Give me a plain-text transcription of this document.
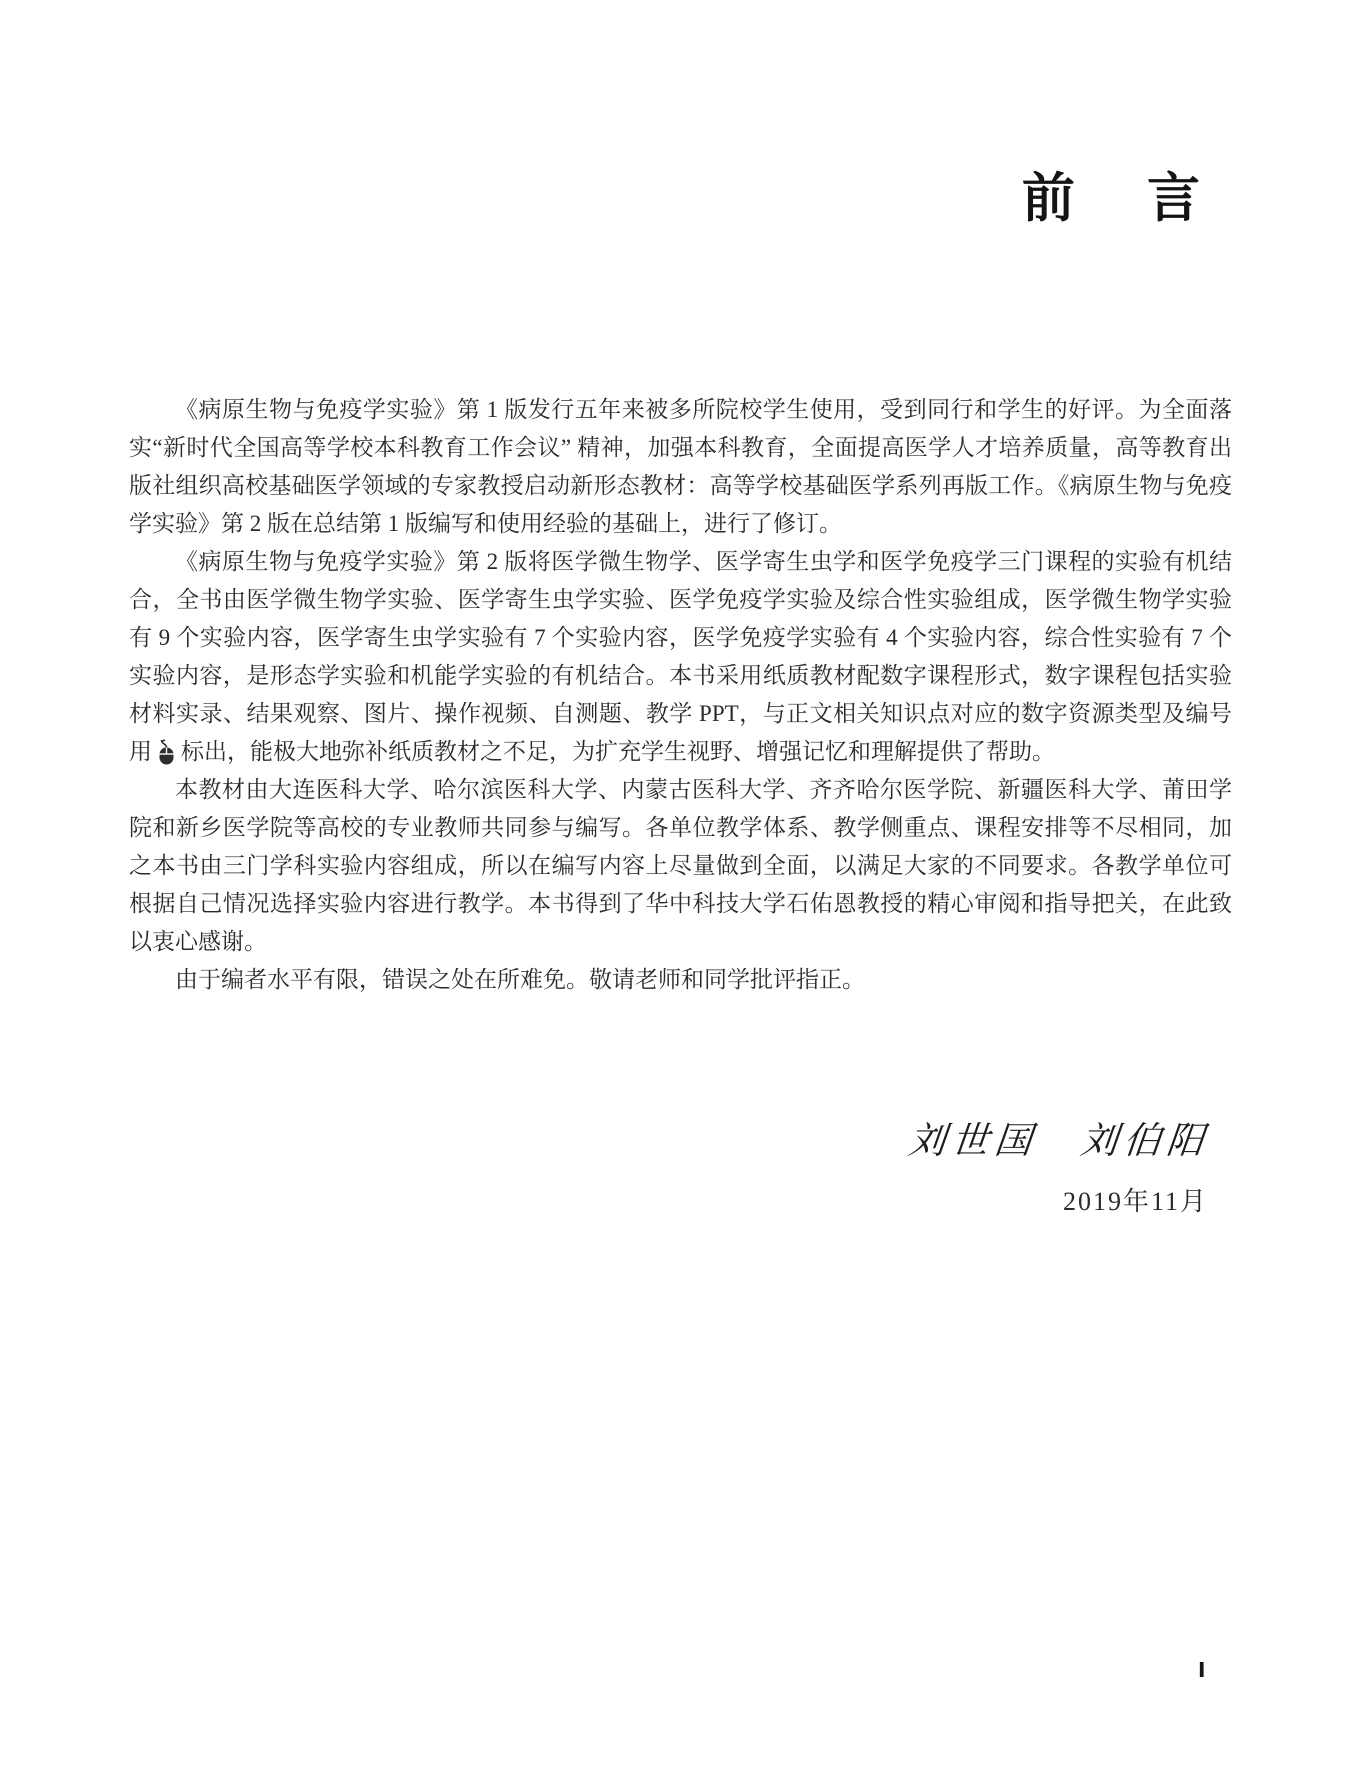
前　言

《病原生物与免疫学实验》第 1 版发行五年来被多所院校学生使用，受到同行和学生的好评。为全面落实“新时代全国高等学校本科教育工作会议” 精神，加强本科教育，全面提高医学人才培养质量，高等教育出版社组织高校基础医学领域的专家教授启动新形态教材：高等学校基础医学系列再版工作。《病原生物与免疫学实验》第 2 版在总结第 1 版编写和使用经验的基础上，进行了修订。

《病原生物与免疫学实验》第 2 版将医学微生物学、医学寄生虫学和医学免疫学三门课程的实验有机结合，全书由医学微生物学实验、医学寄生虫学实验、医学免疫学实验及综合性实验组成，医学微生物学实验有 9 个实验内容，医学寄生虫学实验有 7 个实验内容，医学免疫学实验有 4 个实验内容，综合性实验有 7 个实验内容，是形态学实验和机能学实验的有机结合。本书采用纸质教材配数字课程形式，数字课程包括实验材料实录、结果观察、图片、操作视频、自测题、教学 PPT，与正文相关知识点对应的数字资源类型及编号用 标出，能极大地弥补纸质教材之不足，为扩充学生视野、增强记忆和理解提供了帮助。

本教材由大连医科大学、哈尔滨医科大学、内蒙古医科大学、齐齐哈尔医学院、新疆医科大学、莆田学院和新乡医学院等高校的专业教师共同参与编写。各单位教学体系、教学侧重点、课程安排等不尽相同，加之本书由三门学科实验内容组成，所以在编写内容上尽量做到全面，以满足大家的不同要求。各教学单位可根据自己情况选择实验内容进行教学。本书得到了华中科技大学石佑恩教授的精心审阅和指导把关，在此致以衷心感谢。

由于编者水平有限，错误之处在所难免。敬请老师和同学批评指正。

刘世国　刘伯阳
2019年11月
Ⅰ
